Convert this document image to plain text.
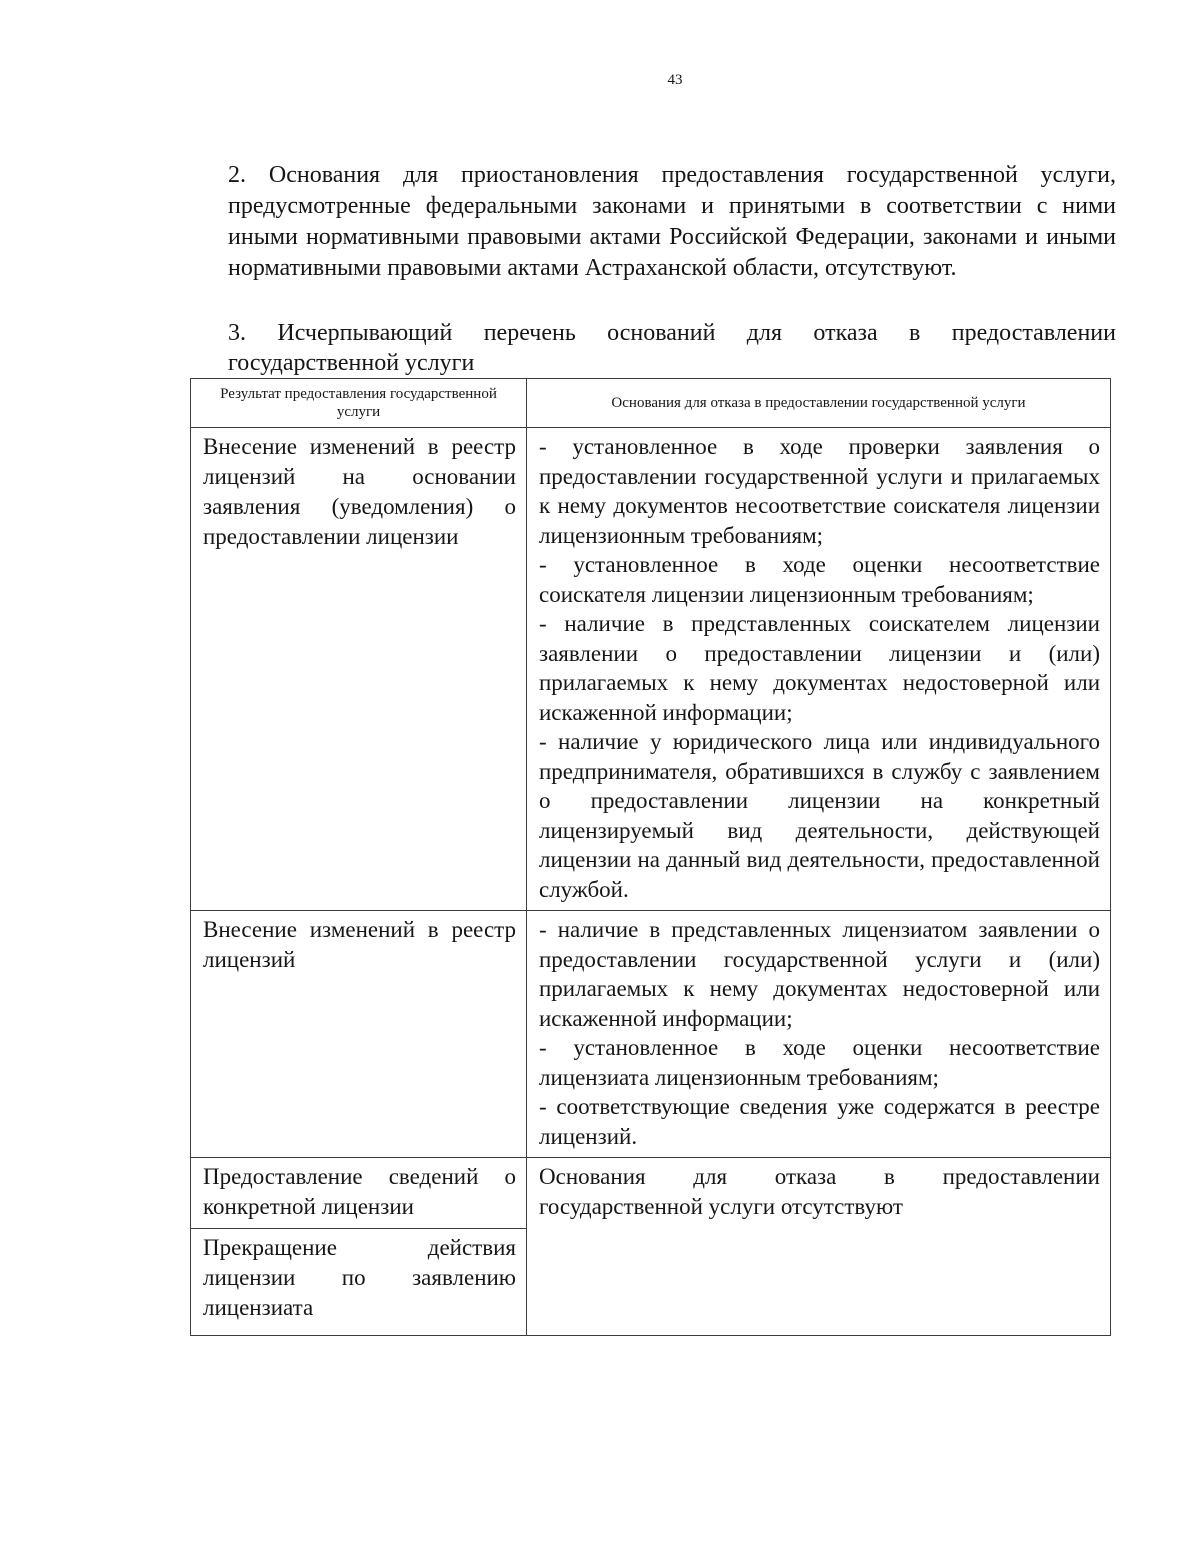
43
2. Основания для приостановления предоставления государственной услуги, предусмотренные федеральными законами и принятыми в соответствии с ними иными нормативными правовыми актами Российской Федерации, законами и иными нормативными правовыми актами Астраханской области, отсутствуют.
3. Исчерпывающий перечень оснований для отказа в предоставлении
государственной услуги
Результат предоставления государственной услуги	Основания для отказа в предоставлении государственной услуги

Внесение изменений в реестр лицензий на основании заявления (уведомления) о предоставлении лицензии	- установленное в ходе проверки заявления о предоставлении государственной услуги и прилагаемых к нему документов несоответствие соискателя лицензии лицензионным требованиям;

- установленное в ходе оценки несоответствие соискателя лицензии лицензионным требованиям;

- наличие в представленных соискателем лицензии заявлении о предоставлении лицензии и (или) прилагаемых к нему документах недостоверной или искаженной информации;

- наличие у юридического лица или индивидуального предпринимателя, обратившихся в службу с заявлением о предоставлении лицензии на конкретный лицензируемый вид деятельности, действующей лицензии на данный вид деятельности, предоставленной службой.

Внесение изменений в реестр лицензий	- наличие в представленных лицензиатом заявлении о предоставлении государственной услуги и (или) прилагаемых к нему документах недостоверной или искаженной информации;

- установленное в ходе оценки несоответствие лицензиата лицензионным требованиям;

- соответствующие сведения уже содержатся в реестре лицензий.

Предоставление сведений о конкретной лицензии	Основания для отказа в предоставлении государственной услуги отсутствуют

Прекращение действия лицензии по заявлению лицензиата	
